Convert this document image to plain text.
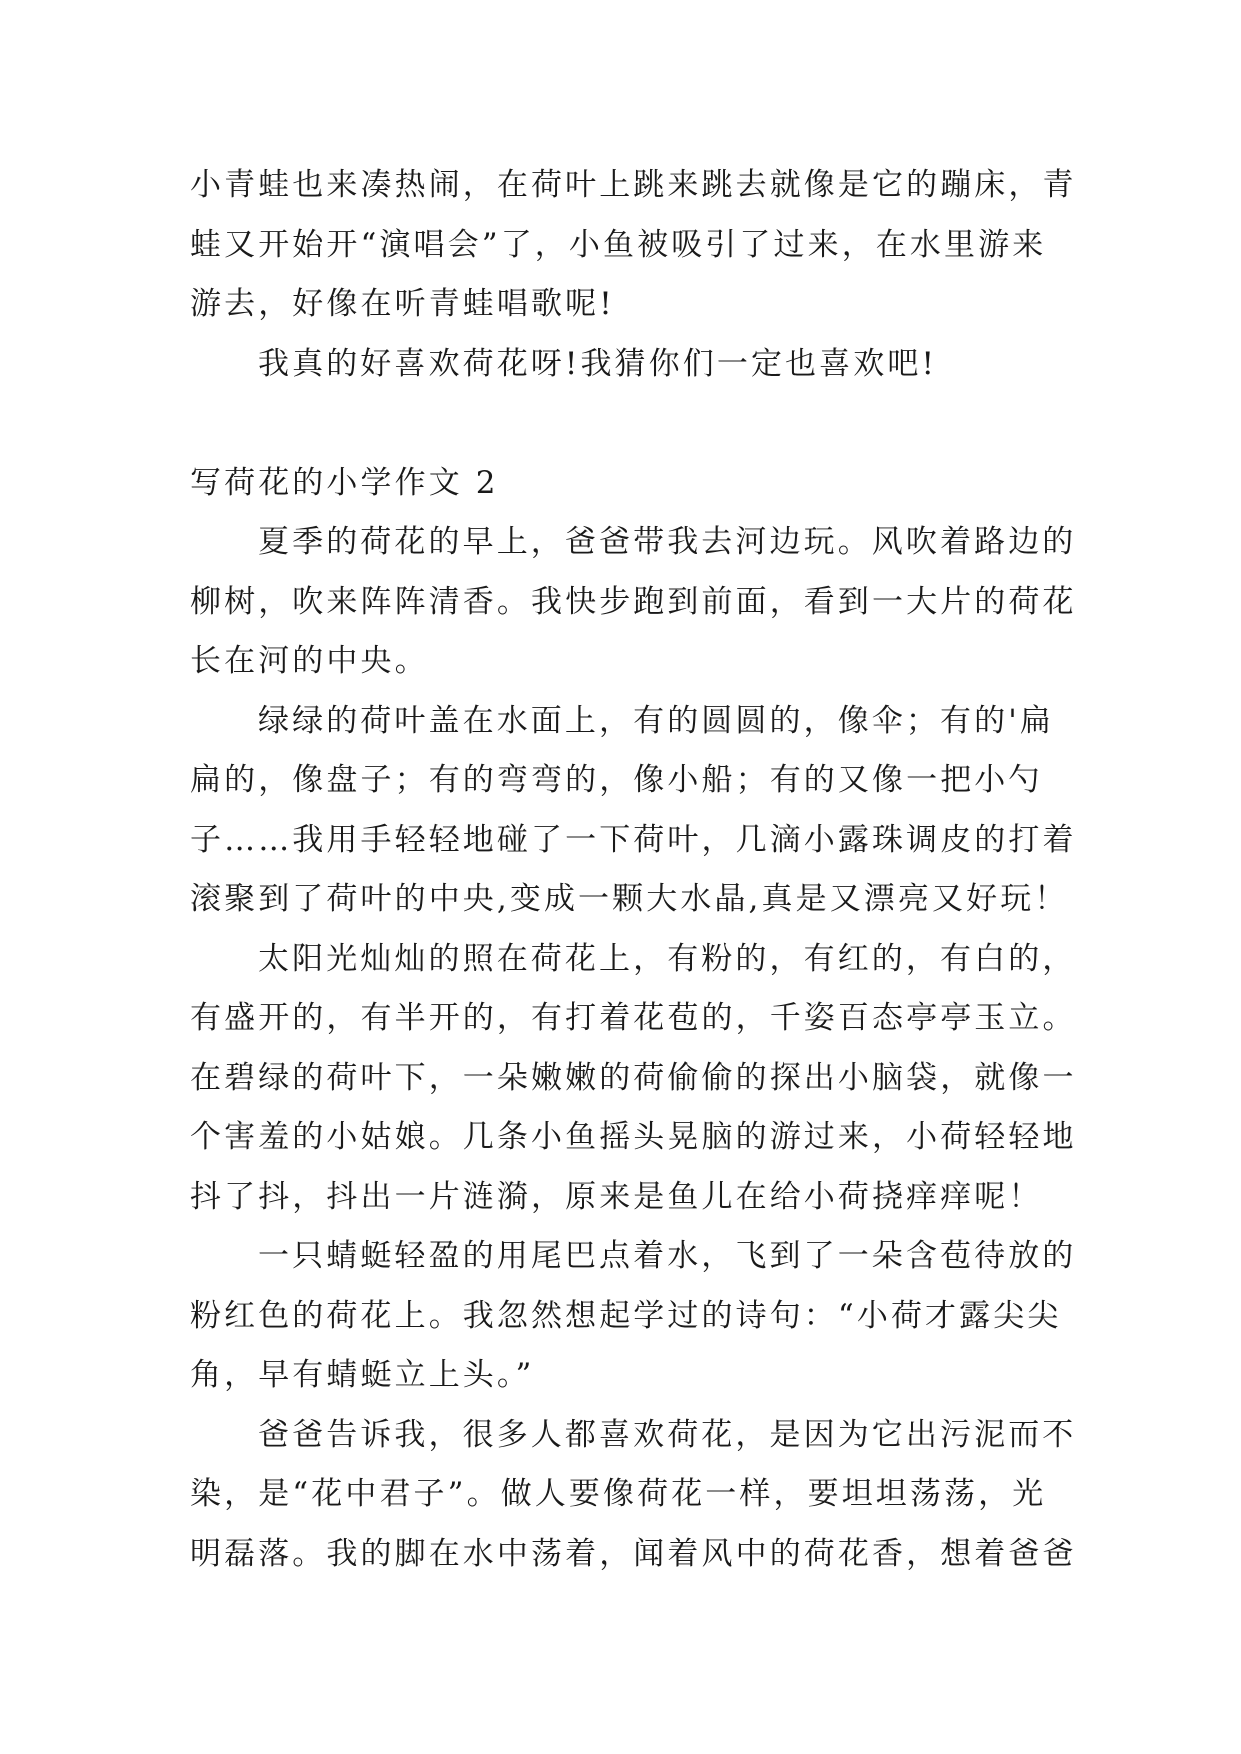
小青蛙也来凑热闹，在荷叶上跳来跳去就像是它的蹦床，青
蛙又开始开“演唱会”了，小鱼被吸引了过来，在水里游来
游去，好像在听青蛙唱歌呢!
我真的好喜欢荷花呀!我猜你们一定也喜欢吧!
写荷花的小学作文 2
夏季的荷花的早上，爸爸带我去河边玩。风吹着路边的
柳树，吹来阵阵清香。我快步跑到前面，看到一大片的荷花
长在河的中央。
绿绿的荷叶盖在水面上，有的圆圆的，像伞；有的'扁
扁的，像盘子；有的弯弯的，像小船；有的又像一把小勺
子……我用手轻轻地碰了一下荷叶，几滴小露珠调皮的打着
滚聚到了荷叶的中央,变成一颗大水晶,真是又漂亮又好玩！
太阳光灿灿的照在荷花上，有粉的，有红的，有白的，
有盛开的，有半开的，有打着花苞的，千姿百态亭亭玉立。
在碧绿的荷叶下，一朵嫩嫩的荷偷偷的探出小脑袋，就像一
个害羞的小姑娘。几条小鱼摇头晃脑的游过来，小荷轻轻地
抖了抖，抖出一片涟漪，原来是鱼儿在给小荷挠痒痒呢！
一只蜻蜓轻盈的用尾巴点着水，飞到了一朵含苞待放的
粉红色的荷花上。我忽然想起学过的诗句：“小荷才露尖尖
角，早有蜻蜓立上头。”
爸爸告诉我，很多人都喜欢荷花，是因为它出污泥而不
染，是“花中君子”。做人要像荷花一样，要坦坦荡荡，光
明磊落。我的脚在水中荡着，闻着风中的荷花香，想着爸爸
